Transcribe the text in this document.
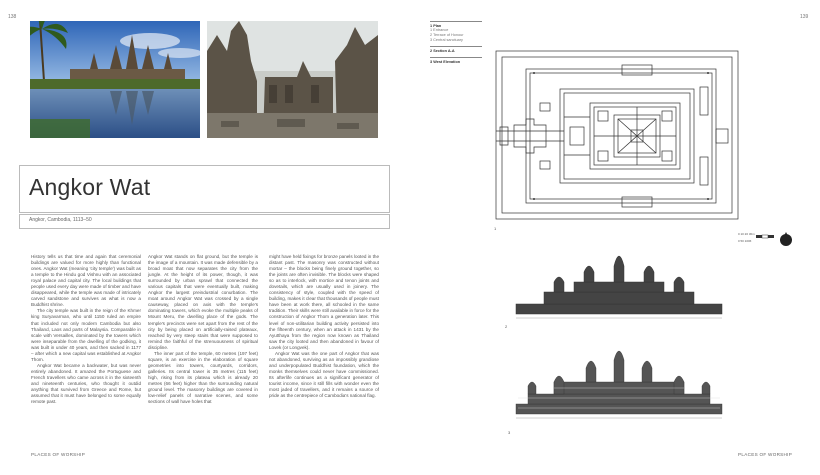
138
Angkor Wat
Angkor, Cambodia, 1113–50

History tells us that time and again that ceremonial buildings are valued for more highly than functional ones. Angkor Wat (meaning 'city temple') was built as a temple to the Hindu god Vishnu with an associated royal palace and capital city. The local buildings that people used every day were made of timber and have disappeared, while the temple was made of intricately carved sandstone and survives as what is now a Buddhist shrine.

The city temple was built in the reign of the Khmer king Suryavarman, who until 1150 ruled an empire that included not only modern Cambodia but also Thailand, Laos and parts of Malaysia. Comparable in scale with Versailles, dominated by the towers which were inseparable from the dwelling of the godking, it was built in under 40 years, and then sacked in 1177 – after which a new capital was established at Angkor Thom.

Angkor Wat became a backwater, but was never entirely abandoned. It amazed the Portuguese and French travellers who came across it in the sixteenth and nineteenth centuries, who thought it outdid anything that survived from Greece and Rome, but assumed that it must have belonged to some equally remote past.

Angkor Wat stands on flat ground, but the temple is the image of a mountain. It was made defensible by a broad moat that now separates the city from the jungle. At the height of its power, though, it was surrounded by urban sprawl that connected the various capitals that were eventually built, making Angkor the largest preindustrial conurbation. The moat around Angkor Wat was crossed by a single causeway, placed on axis with the temple's dominating towers, which evoke the multiple peaks of Mount Meru, the dwelling place of the gods. The temple's precincts were set apart from the rest of the city by being placed on artificially-raised plateaux, reached by very steep stairs that were supposed to remind the faithful of the strenuousness of spiritual discipline.

The inner part of the temple, 60 metres (197 feet) square, is an exercise in the elaboration of square geometries into towers, courtyards, corridors, galleries. Its central tower is 35 metres (115 feet) high, rising from its plateau which is already 20 metres (66 feet) higher than the surrounding natural ground level. The masonry buildings are covered in low-relief panels of narrative scenes, and some sections of wall have holes that

might have held fixings for bronze panels looted in the distant past. The masonry was constructed without mortar – the blocks being finely ground together, so the joints are often invisible. The blocks were shaped so as to interlock, with mortice and tenon joints and dovetails, which are usually used in joinery. The consistency of style, coupled with the speed of building, makes it clear that thousands of people must have been at work there, all schooled in the same tradition. Their skills were still available in force for the construction of Angkor Thom a generation later. This level of non-utilitarian building activity persisted into the fifteenth century, when an attack in 1431 by the Ayutthaya from the region now known as Thailand saw the city looted and then abandoned in favour of Lovek (or Longvek).

Angkor Wat was the one part of Angkor that was not abandoned, surviving as an impossibly grandiose and underpopulated Buddhist foundation, which the monks themselves could never have commissioned. Its afterlife continues as a significant generator of tourist income, since it still fills with wonder even the most jaded of travellers, and it remains a source of pride as the centrepiece of Cambodia's national flag.

PLACES OF WORSHIP
139
1 Plan
1 Entrance
2 Terrace of Honour
3 Central sanctuary
2 Section A-A
3 West Elevation
1
0 10 20 30m
0 50 100ft
2
3
PLACES OF WORSHIP
